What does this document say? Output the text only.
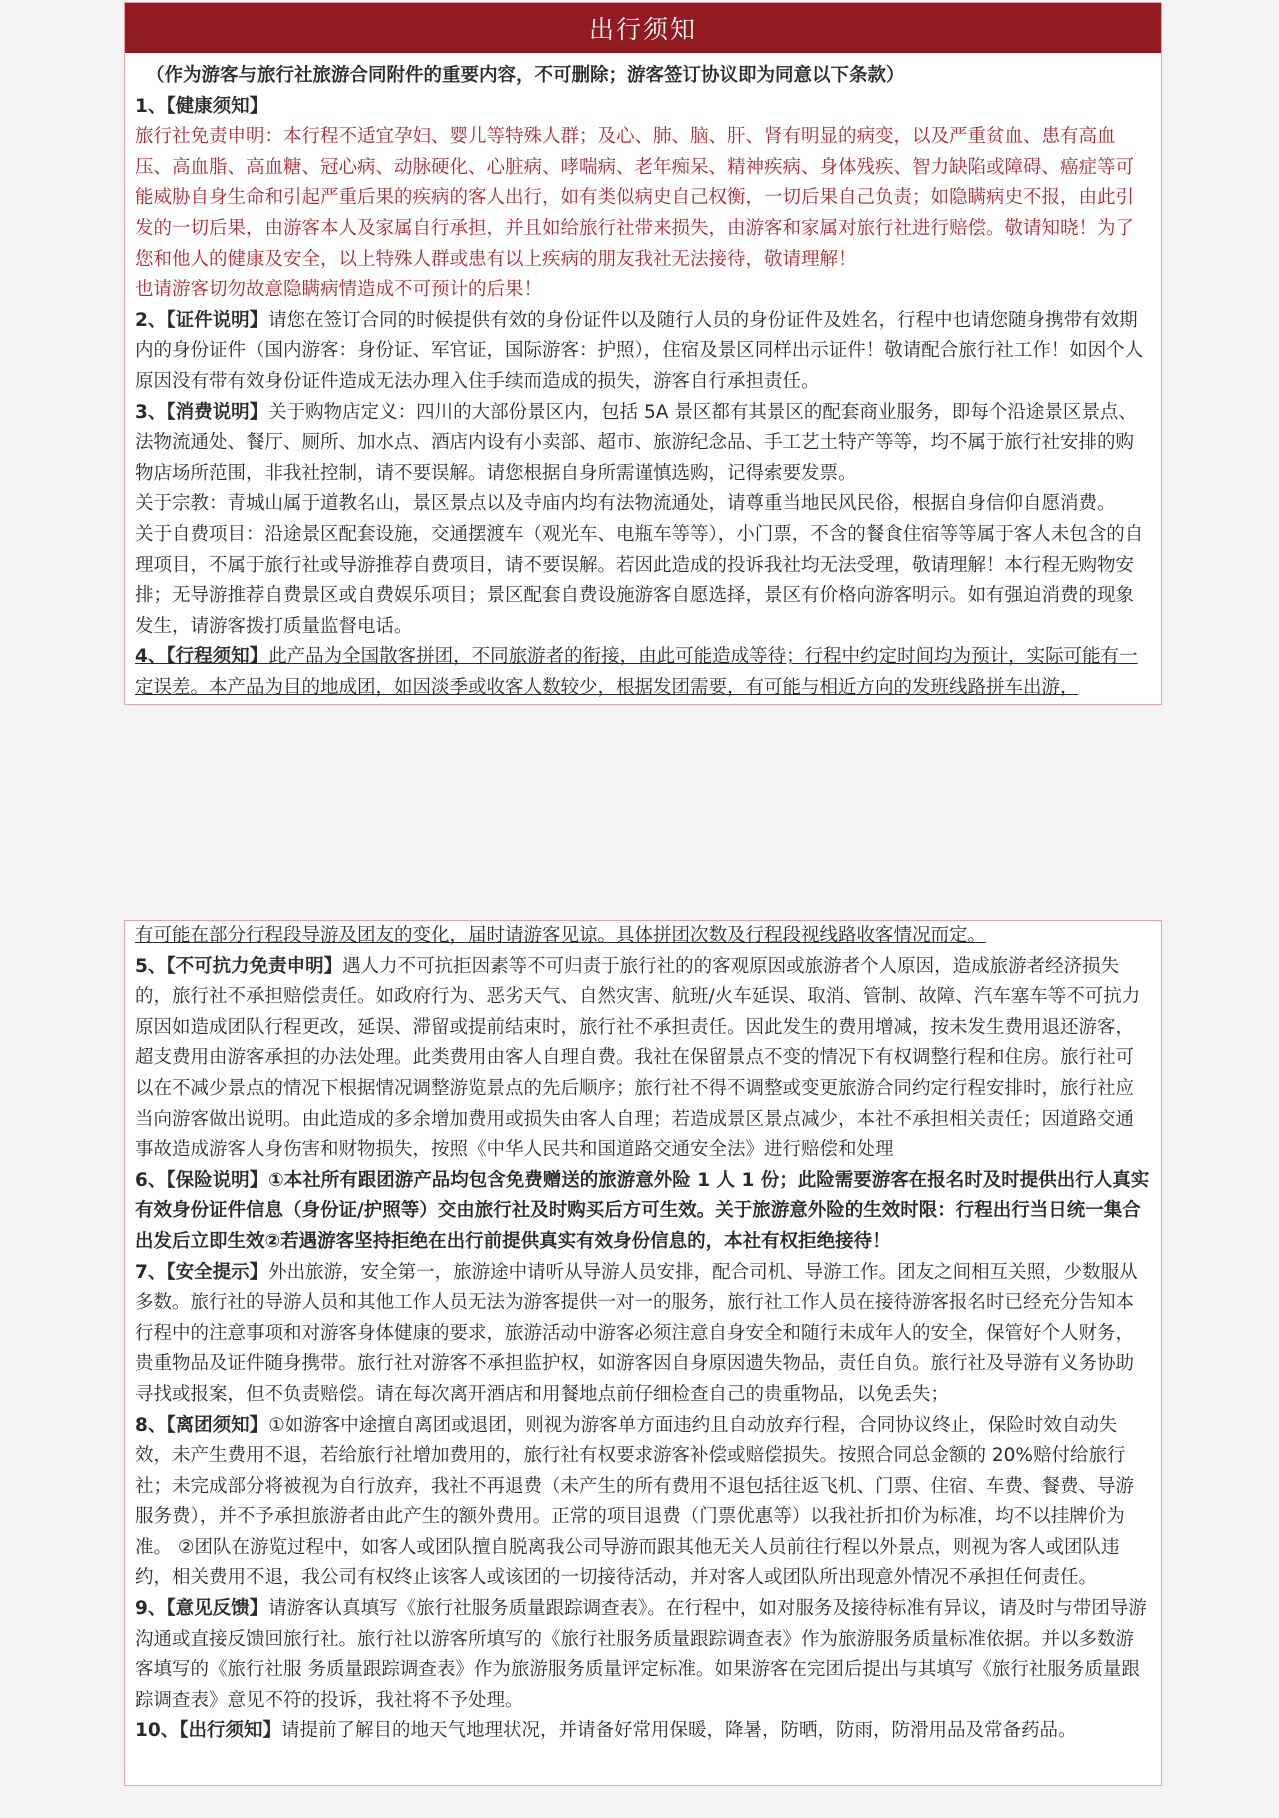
出行须知

（作为游客与旅行社旅游合同附件的重要内容，不可删除；游客签订协议即为同意以下条款）

1、【健康须知】

旅行社免责申明：本行程不适宜孕妇、婴儿等特殊人群；及心、肺、脑、肝、肾有明显的病变，以及严重贫血、患有高血压、高血脂、高血糖、冠心病、动脉硬化、心脏病、哮喘病、老年痴呆、精神疾病、身体残疾、智力缺陷或障碍、癌症等可能威胁自身生命和引起严重后果的疾病的客人出行，如有类似病史自己权衡，一切后果自己负责；如隐瞒病史不报，由此引发的一切后果，由游客本人及家属自行承担，并且如给旅行社带来损失，由游客和家属对旅行社进行赔偿。敬请知晓！为了您和他人的健康及安全，以上特殊人群或患有以上疾病的朋友我社无法接待，敬请理解！

也请游客切勿故意隐瞒病情造成不可预计的后果！

2、【证件说明】请您在签订合同的时候提供有效的身份证件以及随行人员的身份证件及姓名，行程中也请您随身携带有效期内的身份证件（国内游客：身份证、军官证，国际游客：护照），住宿及景区同样出示证件！敬请配合旅行社工作！如因个人原因没有带有效身份证件造成无法办理入住手续而造成的损失，游客自行承担责任。

3、【消费说明】关于购物店定义：四川的大部份景区内，包括 5A 景区都有其景区的配套商业服务，即每个沿途景区景点、法物流通处、餐厅、厕所、加水点、酒店内设有小卖部、超市、旅游纪念品、手工艺土特产等等，均不属于旅行社安排的购物店场所范围，非我社控制，请不要误解。请您根据自身所需谨慎选购，记得索要发票。

关于宗教：青城山属于道教名山，景区景点以及寺庙内均有法物流通处，请尊重当地民风民俗，根据自身信仰自愿消费。

关于自费项目：沿途景区配套设施，交通摆渡车（观光车、电瓶车等等），小门票，不含的餐食住宿等等属于客人未包含的自理项目，不属于旅行社或导游推荐自费项目，请不要误解。若因此造成的投诉我社均无法受理，敬请理解！本行程无购物安排；无导游推荐自费景区或自费娱乐项目；景区配套自费设施游客自愿选择，景区有价格向游客明示。如有强迫消费的现象发生，请游客拨打质量监督电话。

4、【行程须知】此产品为全国散客拼团，不同旅游者的衔接，由此可能造成等待；行程中约定时间均为预计，实际可能有一定误差。本产品为目的地成团，如因淡季或收客人数较少，根据发团需要，有可能与相近方向的发班线路拼车出游，

有可能在部分行程段导游及团友的变化，届时请游客见谅。具体拼团次数及行程段视线路收客情况而定。

5、【不可抗力免责申明】遇人力不可抗拒因素等不可归责于旅行社的的客观原因或旅游者个人原因，造成旅游者经济损失的，旅行社不承担赔偿责任。如政府行为、恶劣天气、自然灾害、航班/火车延误、取消、管制、故障、汽车塞车等不可抗力原因如造成团队行程更改，延误、滞留或提前结束时，旅行社不承担责任。因此发生的费用增减，按未发生费用退还游客，超支费用由游客承担的办法处理。此类费用由客人自理自费。我社在保留景点不变的情况下有权调整行程和住房。旅行社可以在不减少景点的情况下根据情况调整游览景点的先后顺序；旅行社不得不调整或变更旅游合同约定行程安排时，旅行社应当向游客做出说明。由此造成的多余增加费用或损失由客人自理；若造成景区景点减少，本社不承担相关责任；因道路交通事故造成游客人身伤害和财物损失，按照《中华人民共和国道路交通安全法》进行赔偿和处理

6、【保险说明】①本社所有跟团游产品均包含免费赠送的旅游意外险 1 人 1 份；此险需要游客在报名时及时提供出行人真实有效身份证件信息（身份证/护照等）交由旅行社及时购买后方可生效。关于旅游意外险的生效时限：行程出行当日统一集合出发后立即生效②若遇游客坚持拒绝在出行前提供真实有效身份信息的，本社有权拒绝接待！

7、【安全提示】外出旅游，安全第一，旅游途中请听从导游人员安排，配合司机、导游工作。团友之间相互关照，少数服从多数。旅行社的导游人员和其他工作人员无法为游客提供一对一的服务，旅行社工作人员在接待游客报名时已经充分告知本行程中的注意事项和对游客身体健康的要求，旅游活动中游客必须注意自身安全和随行未成年人的安全，保管好个人财务，贵重物品及证件随身携带。旅行社对游客不承担监护权，如游客因自身原因遗失物品，责任自负。旅行社及导游有义务协助寻找或报案，但不负责赔偿。请在每次离开酒店和用餐地点前仔细检查自己的贵重物品，以免丢失；

8、【离团须知】①如游客中途擅自离团或退团，则视为游客单方面违约且自动放弃行程，合同协议终止，保险时效自动失效，未产生费用不退，若给旅行社增加费用的，旅行社有权要求游客补偿或赔偿损失。按照合同总金额的 20%赔付给旅行社；未完成部分将被视为自行放弃，我社不再退费（未产生的所有费用不退包括往返飞机、门票、住宿、车费、餐费、导游服务费），并不予承担旅游者由此产生的额外费用。正常的项目退费（门票优惠等）以我社折扣价为标准，均不以挂牌价为准。 ②团队在游览过程中，如客人或团队擅自脱离我公司导游而跟其他无关人员前往行程以外景点，则视为客人或团队违约，相关费用不退，我公司有权终止该客人或该团的一切接待活动，并对客人或团队所出现意外情况不承担任何责任。

9、【意见反馈】请游客认真填写《旅行社服务质量跟踪调查表》。在行程中，如对服务及接待标准有异议，请及时与带团导游沟通或直接反馈回旅行社。旅行社以游客所填写的《旅行社服务质量跟踪调查表》作为旅游服务质量标准依据。并以多数游客填写的《旅行社服 务质量跟踪调查表》作为旅游服务质量评定标准。如果游客在完团后提出与其填写《旅行社服务质量跟踪调查表》意见不符的投诉，我社将不予处理。

10、【出行须知】请提前了解目的地天气地理状况，并请备好常用保暖，降暑，防晒，防雨，防滑用品及常备药品。
